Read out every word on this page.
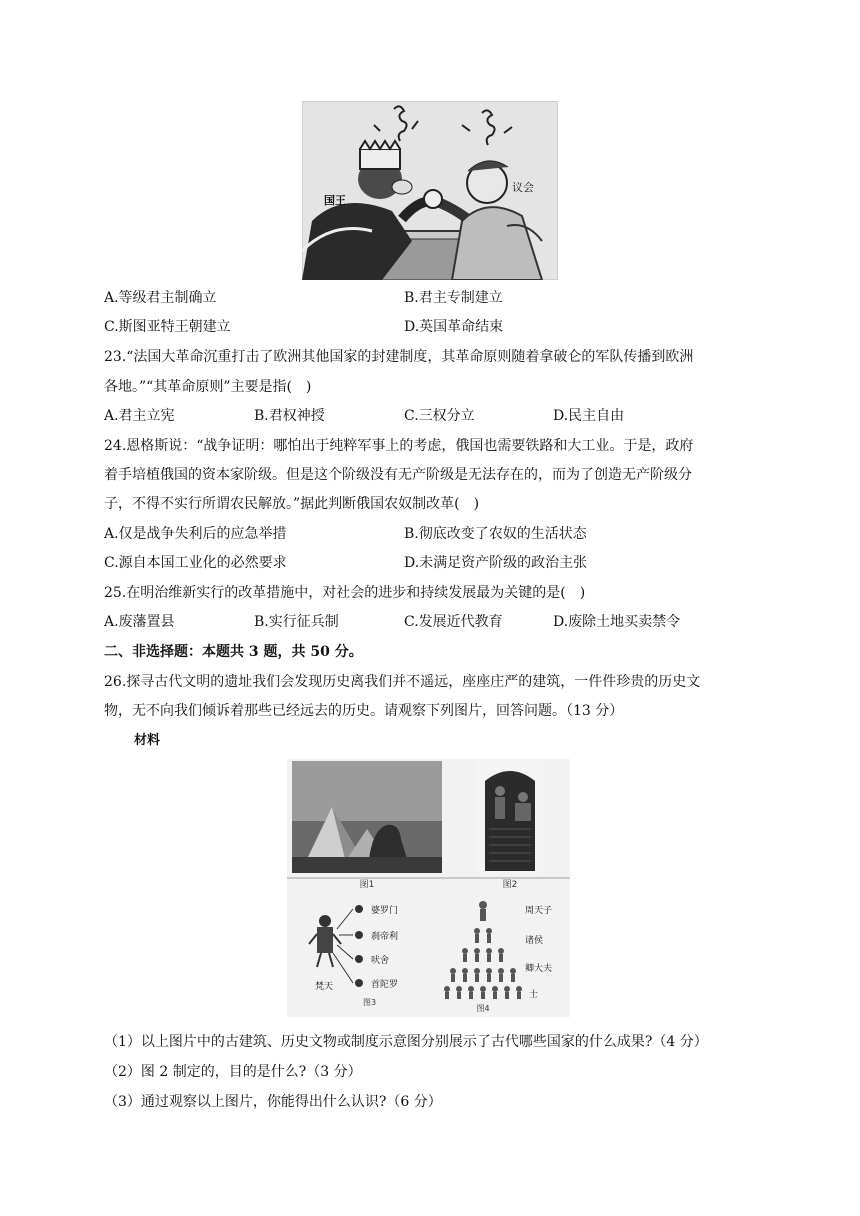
国王
议会
A.等级君主制确立	B.君主专制建立
C.斯图亚特王朝建立	D.英国革命结束
23.“法国大革命沉重打击了欧洲其他国家的封建制度，其革命原则随着拿破仑的军队传播到欧洲
各地。”“其革命原则”主要是指(　)
A.君主立宪	B.君权神授	C.三权分立	D.民主自由
24.恩格斯说：“战争证明：哪怕出于纯粹军事上的考虑，俄国也需要铁路和大工业。于是，政府
着手培植俄国的资本家阶级。但是这个阶级没有无产阶级是无法存在的，而为了创造无产阶级分
子，不得不实行所谓农民解放。”据此判断俄国农奴制改革(　)
A.仅是战争失利后的应急举措	B.彻底改变了农奴的生活状态
C.源自本国工业化的必然要求	D.未满足资产阶级的政治主张
25.在明治维新实行的改革措施中，对社会的进步和持续发展最为关键的是(　)
A.废藩置县	B.实行征兵制	C.发展近代教育	D.废除土地买卖禁令
二、非选择题：本题共 3 题，共 50 分。
26.探寻古代文明的遗址我们会发现历史离我们并不遥远，座座庄严的建筑，一件件珍贵的历史文
物，无不向我们倾诉着那些已经远去的历史。请观察下列图片，回答问题。（13 分）
材料
图1	图2
梵天
婆罗门
刹帝利
吠舍
首陀罗
图3
周天子
诸侯
卿大夫
士
图4
（1）以上图片中的古建筑、历史文物或制度示意图分别展示了古代哪些国家的什么成果?（4 分）
（2）图 2 制定的，目的是什么?（3 分）
（3）通过观察以上图片，你能得出什么认识?（6 分）
